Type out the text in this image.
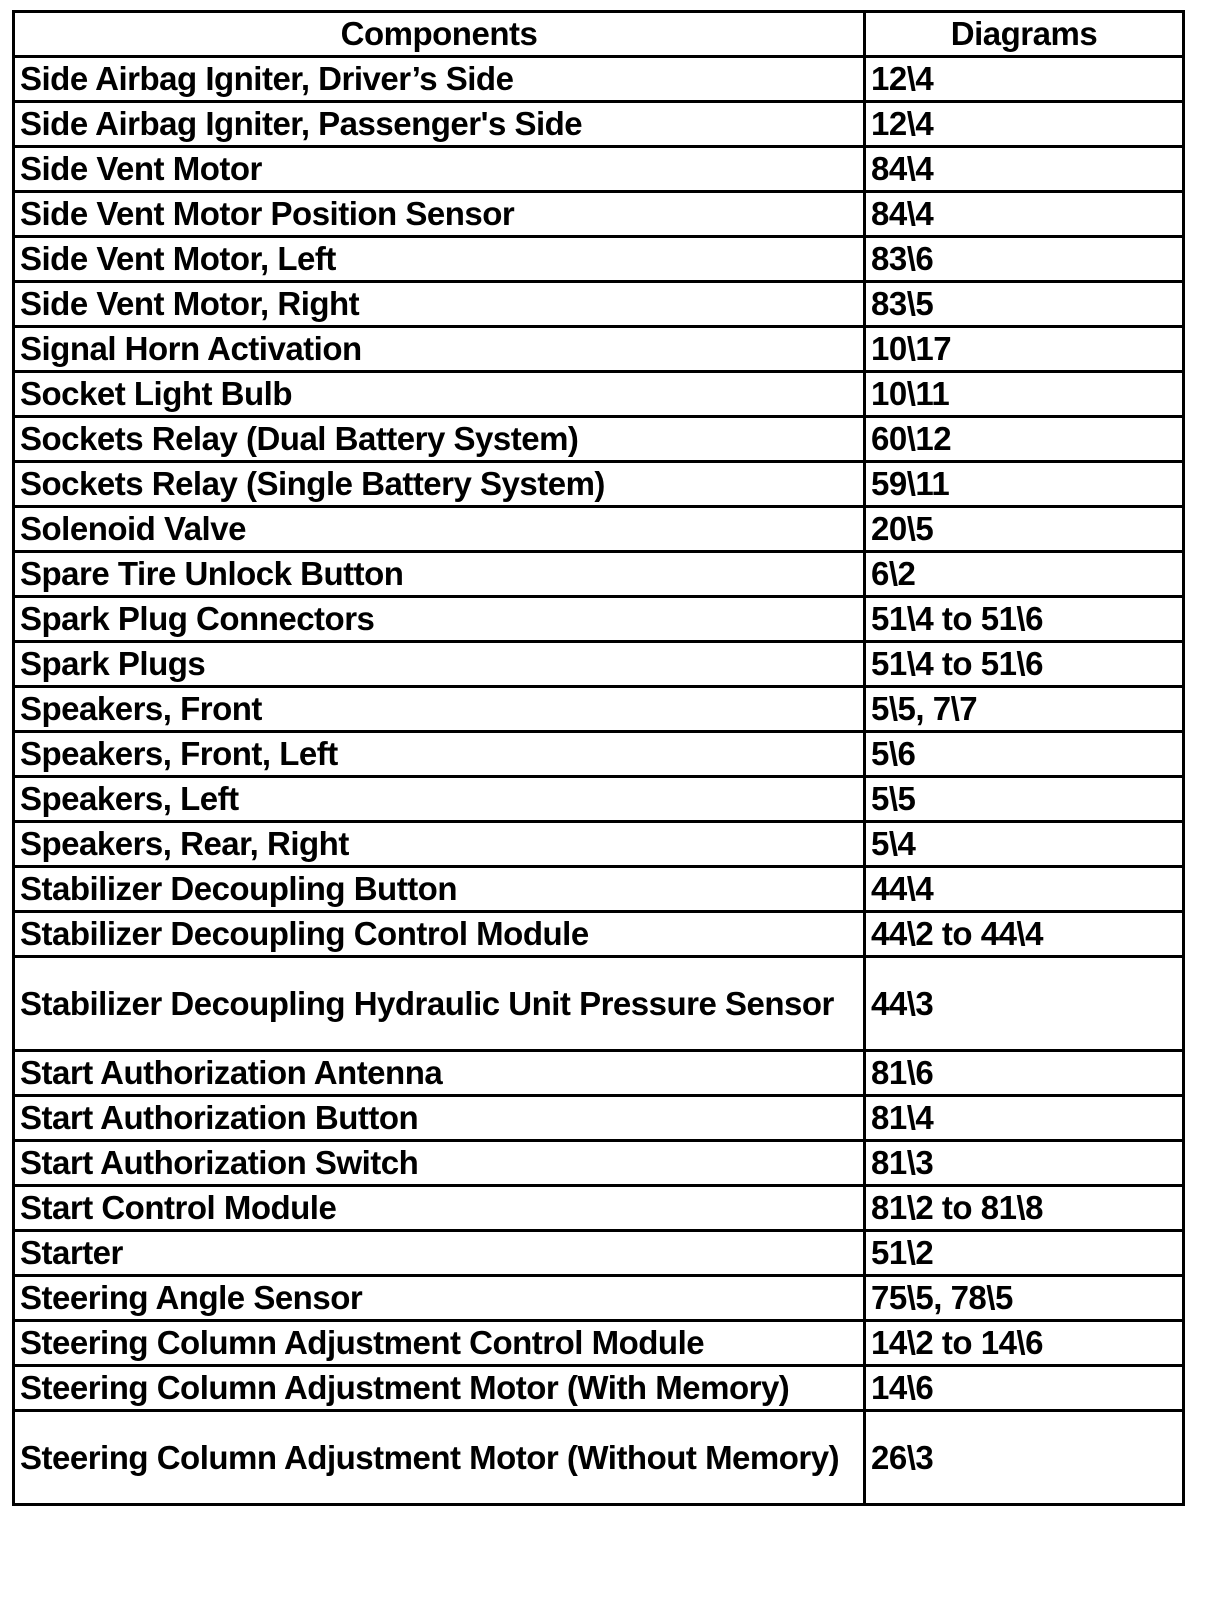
Components	Diagrams
Side Airbag Igniter, Driver’s Side	12\4
Side Airbag Igniter, Passenger's Side	12\4
Side Vent Motor	84\4
Side Vent Motor Position Sensor	84\4
Side Vent Motor, Left	83\6
Side Vent Motor, Right	83\5
Signal Horn Activation	10\17
Socket Light Bulb	10\11
Sockets Relay (Dual Battery System)	60\12
Sockets Relay (Single Battery System)	59\11
Solenoid Valve	20\5
Spare Tire Unlock Button	6\2
Spark Plug Connectors	51\4 to 51\6
Spark Plugs	51\4 to 51\6
Speakers, Front	5\5, 7\7
Speakers, Front, Left	5\6
Speakers, Left	5\5
Speakers, Rear, Right	5\4
Stabilizer Decoupling Button	44\4
Stabilizer Decoupling Control Module	44\2 to 44\4
Stabilizer Decoupling Hydraulic Unit Pressure Sensor	44\3
Start Authorization Antenna	81\6
Start Authorization Button	81\4
Start Authorization Switch	81\3
Start Control Module	81\2 to 81\8
Starter	51\2
Steering Angle Sensor	75\5, 78\5
Steering Column Adjustment Control Module	14\2 to 14\6
Steering Column Adjustment Motor (With Memory)	14\6
Steering Column Adjustment Motor (Without Memory)	26\3
